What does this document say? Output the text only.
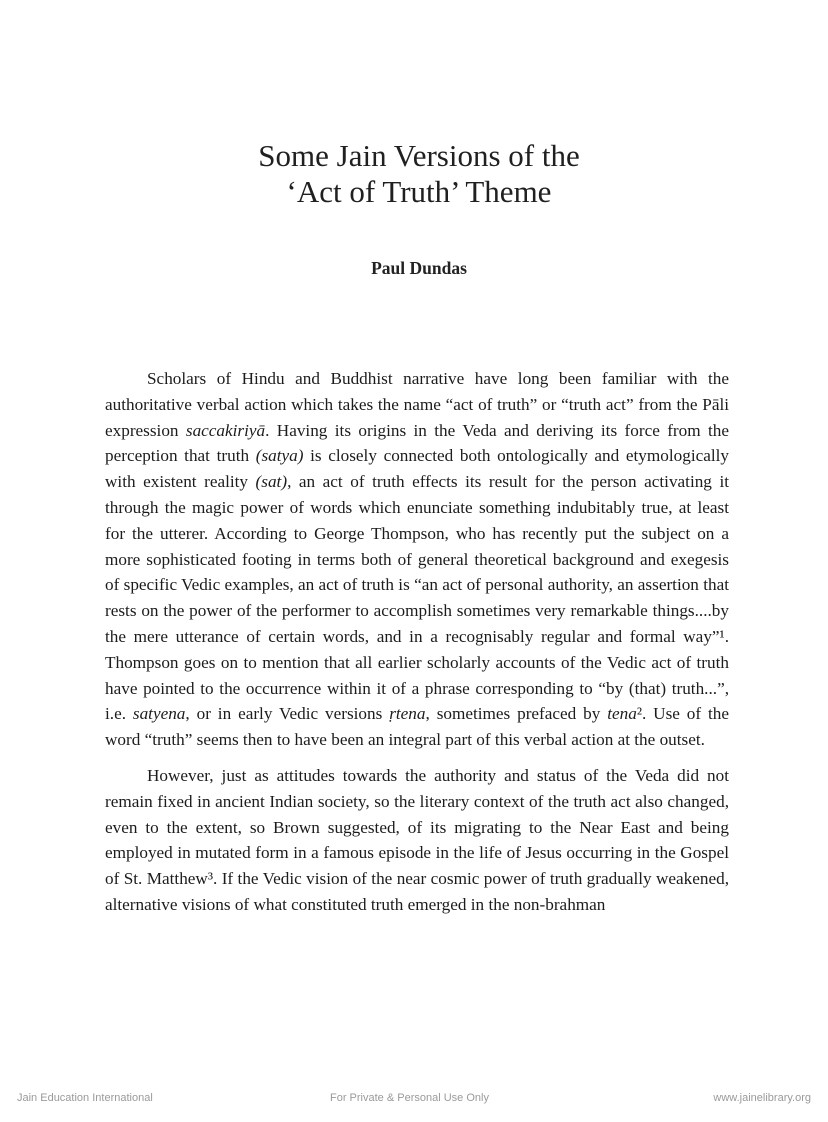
Some Jain Versions of the
‘Act of Truth’ Theme
Paul Dundas

Scholars of Hindu and Buddhist narrative have long been familiar with the authoritative verbal action which takes the name “act of truth” or “truth act” from the Pāli expression saccakiriyā. Having its origins in the Veda and deriving its force from the perception that truth (satya) is closely connected both ontologically and etymologically with existent reality (sat), an act of truth effects its result for the person activating it through the magic power of words which enunciate something indubitably true, at least for the utterer. According to George Thompson, who has recently put the subject on a more sophisticated footing in terms both of general theoretical background and exegesis of specific Vedic examples, an act of truth is “an act of personal authority, an assertion that rests on the power of the performer to accomplish sometimes very remarkable things....by the mere utterance of certain words, and in a recognisably regular and formal way”¹. Thompson goes on to mention that all earlier scholarly accounts of the Vedic act of truth have pointed to the occurrence within it of a phrase corresponding to “by (that) truth...”, i.e. satyena, or in early Vedic versions ṛtena, sometimes prefaced by tena². Use of the word “truth” seems then to have been an integral part of this verbal action at the outset.

However, just as attitudes towards the authority and status of the Veda did not remain fixed in ancient Indian society, so the literary context of the truth act also changed, even to the extent, so Brown suggested, of its migrating to the Near East and being employed in mutated form in a famous episode in the life of Jesus occurring in the Gospel of St. Matthew³. If the Vedic vision of the near cosmic power of truth gradually weakened, alternative visions of what constituted truth emerged in the non-brahman

Jain Education International	For Private & Personal Use Only	www.jainelibrary.org
